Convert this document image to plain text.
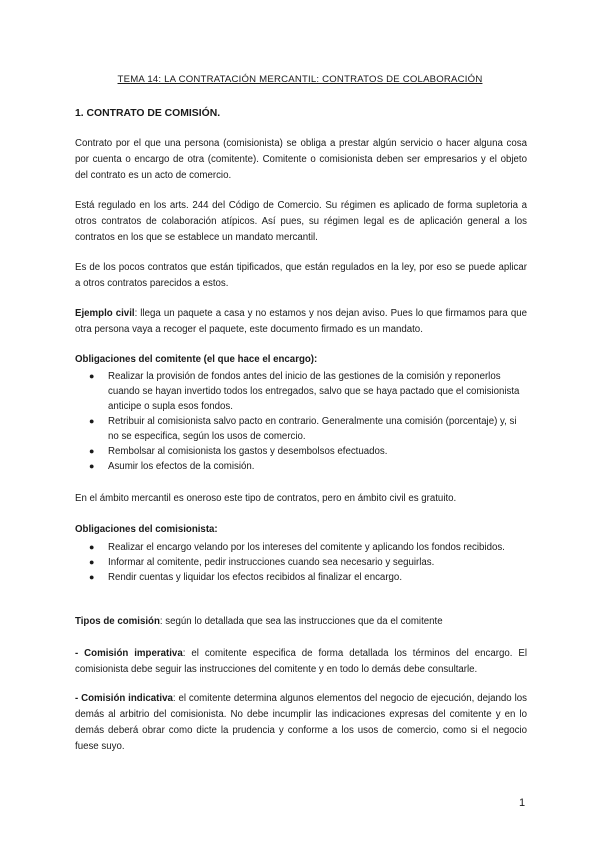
TEMA 14: LA CONTRATACIÓN MERCANTIL: CONTRATOS DE COLABORACIÓN
1. CONTRATO DE COMISIÓN.
Contrato por el que una persona (comisionista) se obliga a prestar algún servicio o hacer alguna cosa por cuenta o encargo de otra (comitente). Comitente o comisionista deben ser empresarios y el objeto del contrato es un acto de comercio.
Está regulado en los arts. 244 del Código de Comercio. Su régimen es aplicado de forma supletoria a otros contratos de colaboración atípicos. Así pues, su régimen legal es de aplicación general a los contratos en los que se establece un mandato mercantil.
Es de los pocos contratos que están tipificados, que están regulados en la ley, por eso se puede aplicar a otros contratos parecidos a estos.
Ejemplo civil: llega un paquete a casa y no estamos y nos dejan aviso. Pues lo que firmamos para que otra persona vaya a recoger el paquete, este documento firmado es un mandato.
Obligaciones del comitente (el que hace el encargo):
● Realizar la provisión de fondos antes del inicio de las gestiones de la comisión y reponerlos cuando se hayan invertido todos los entregados, salvo que se haya pactado que el comisionista anticipe o supla esos fondos.
● Retribuir al comisionista salvo pacto en contrario. Generalmente una comisión (porcentaje) y, si no se especifica, según los usos de comercio.
● Rembolsar al comisionista los gastos y desembolsos efectuados.
● Asumir los efectos de la comisión.
En el ámbito mercantil es oneroso este tipo de contratos, pero en ámbito civil es gratuito.
Obligaciones del comisionista:
● Realizar el encargo velando por los intereses del comitente y aplicando los fondos recibidos.
● Informar al comitente, pedir instrucciones cuando sea necesario y seguirlas.
● Rendir cuentas y liquidar los efectos recibidos al finalizar el encargo.
Tipos de comisión: según lo detallada que sea las instrucciones que da el comitente
- Comisión imperativa: el comitente especifica de forma detallada los términos del encargo. El comisionista debe seguir las instrucciones del comitente y en todo lo demás debe consultarle.
- Comisión indicativa: el comitente determina algunos elementos del negocio de ejecución, dejando los demás al arbitrio del comisionista. No debe incumplir las indicaciones expresas del comitente y en lo demás deberá obrar como dicte la prudencia y conforme a los usos de comercio, como si el negocio fuese suyo.
1
